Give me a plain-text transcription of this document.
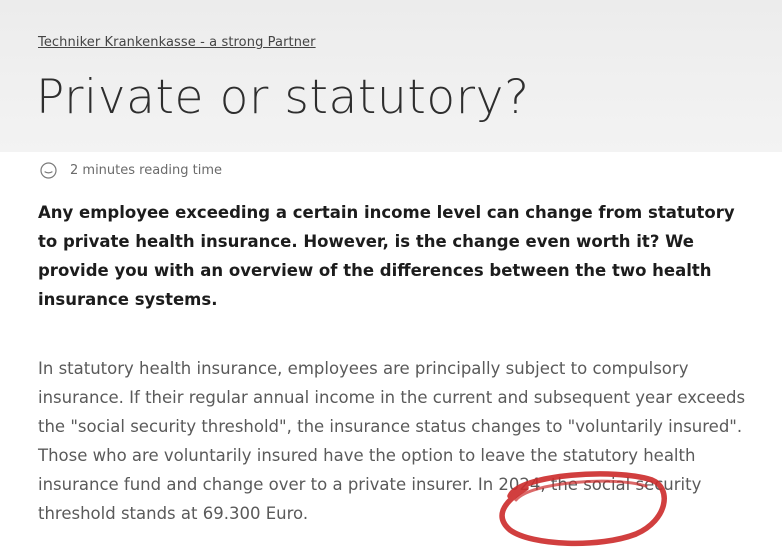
Techniker Krankenkasse - a strong Partner
Private or statutory?
2 minutes reading time

Any employee exceeding a certain income level can change from statutory to private health insurance. However, is the change even worth it? We provide you with an overview of the differences between the two health insurance systems.

In statutory health insurance, employees are principally subject to compulsory insurance. If their regular annual income in the current and subsequent year exceeds the "social security threshold", the insurance status changes to "voluntarily insured". Those who are voluntarily insured have the option to leave the statutory health insurance fund and change over to a private insurer. In 2024, the social security threshold stands at 69.300 Euro.
